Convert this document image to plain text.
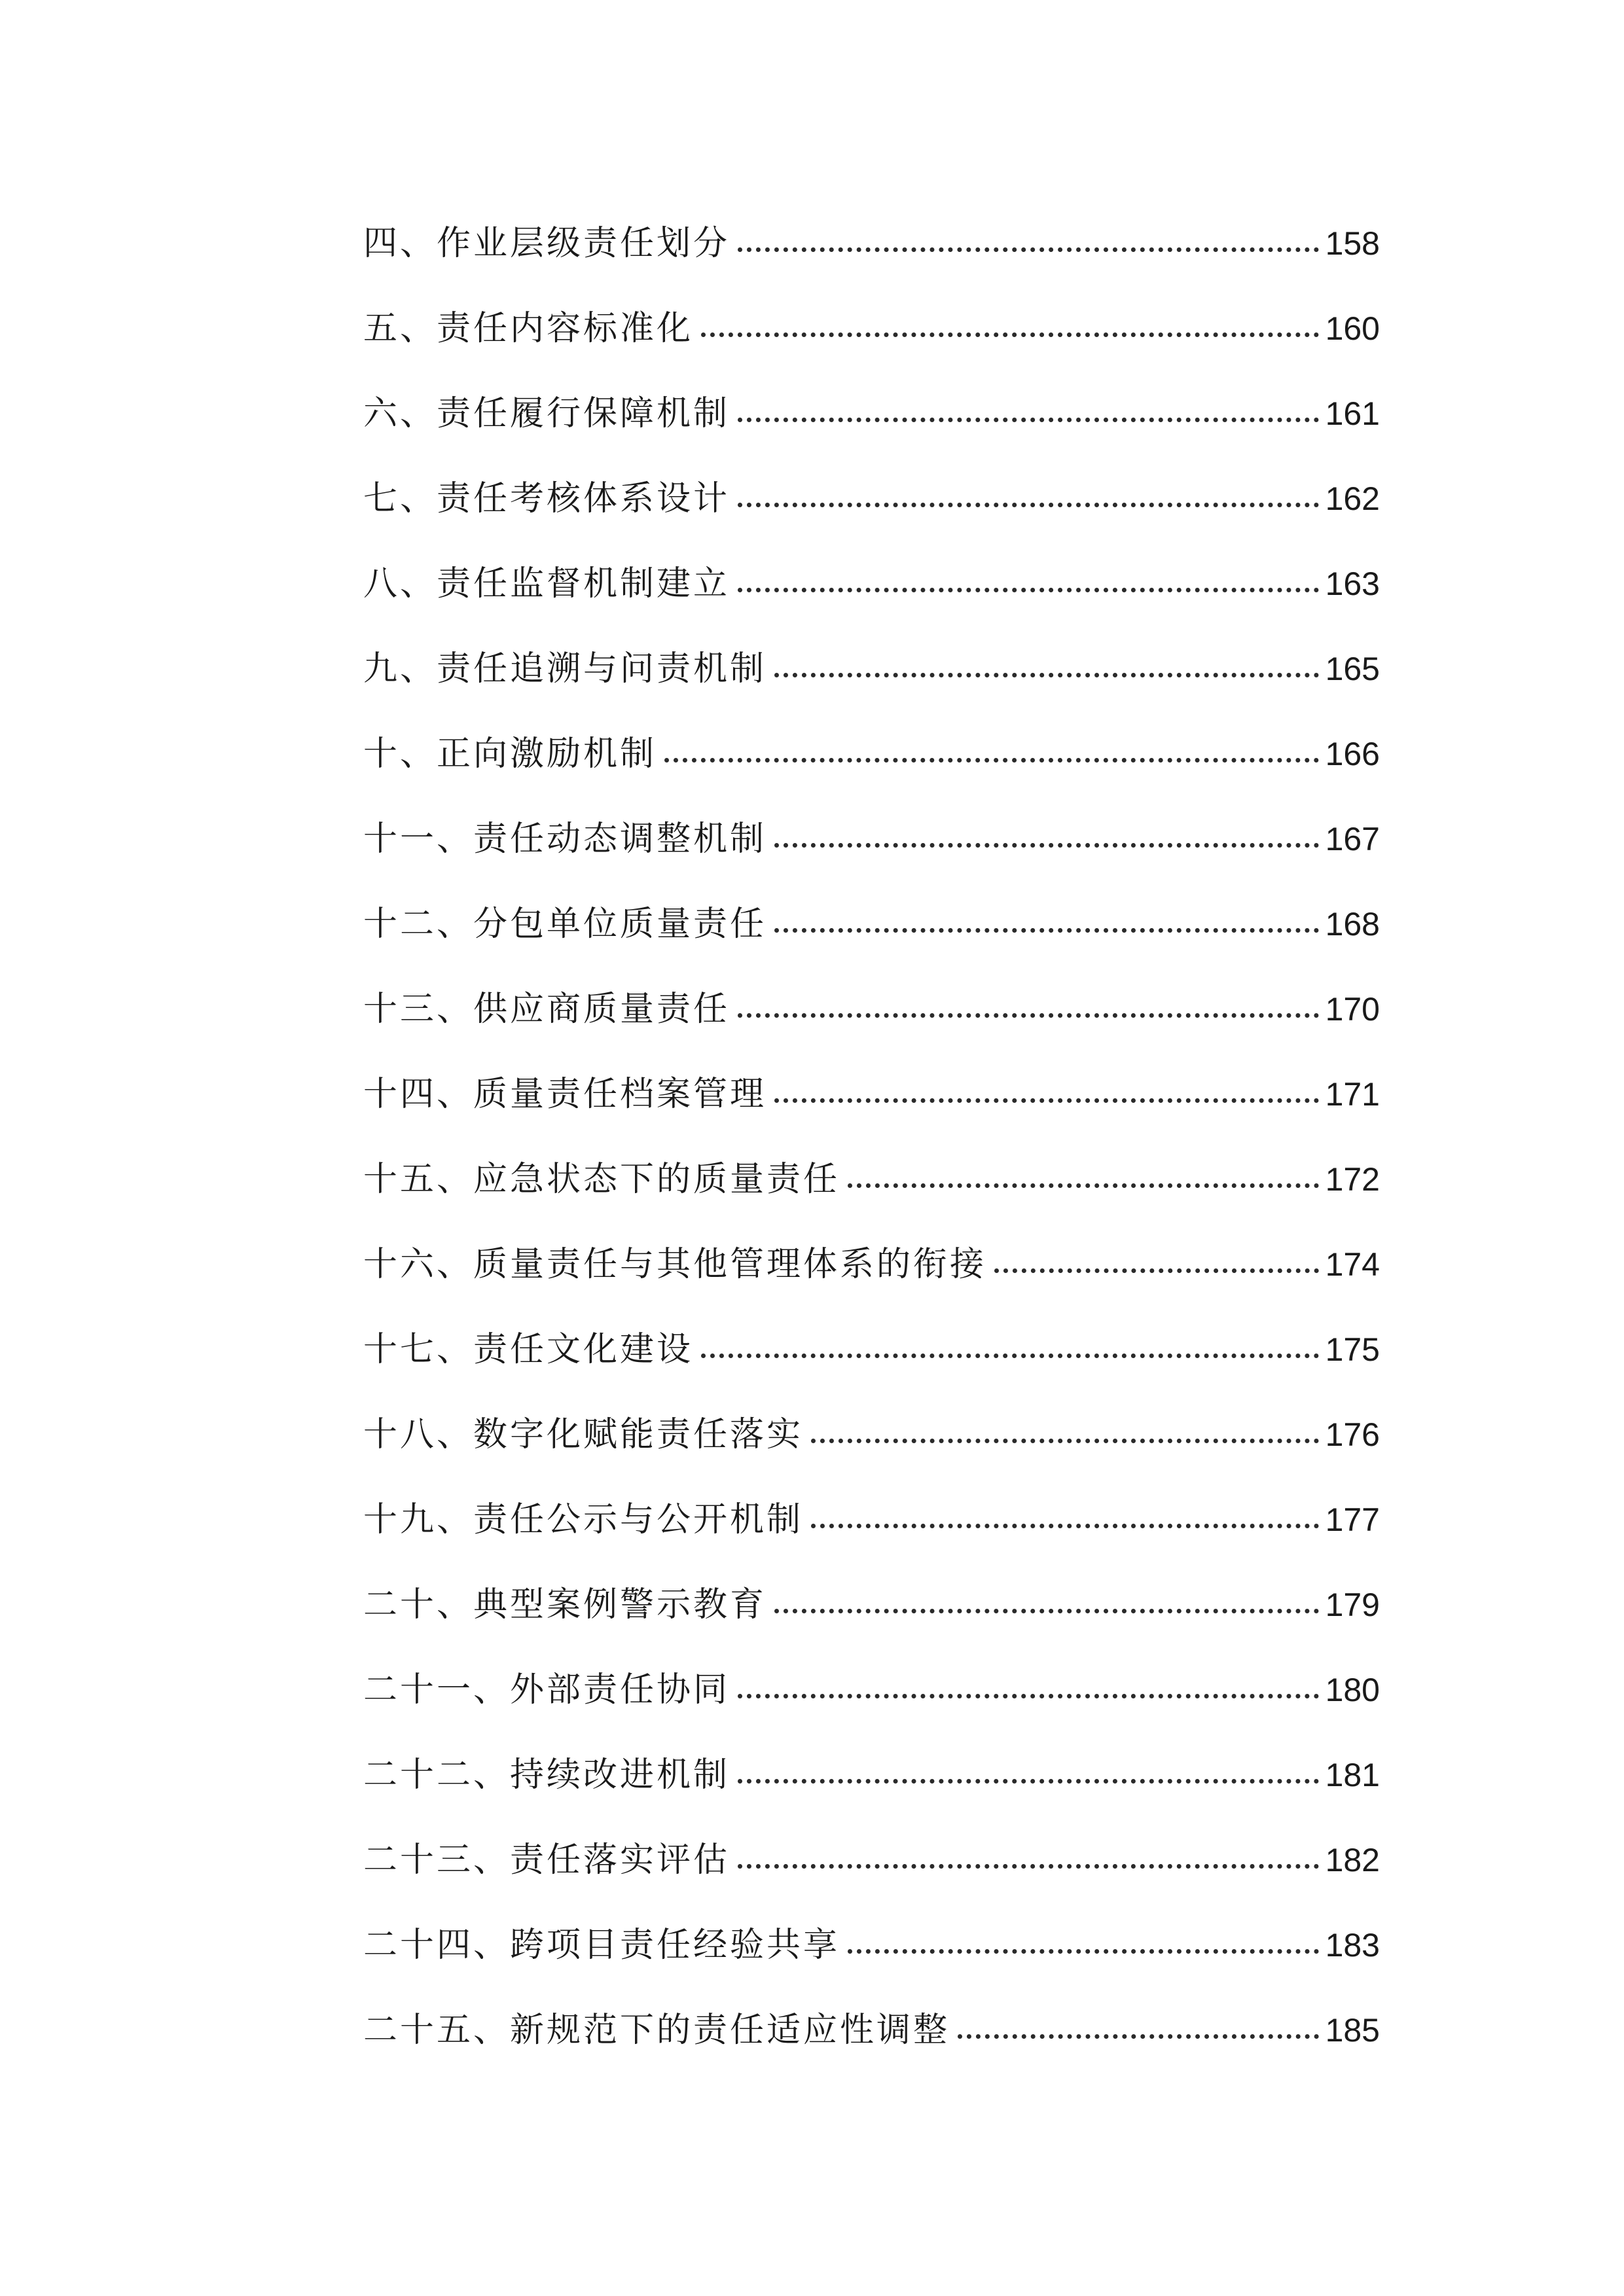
四、作业层级责任划分	158
五、责任内容标准化	160
六、责任履行保障机制	161
七、责任考核体系设计	162
八、责任监督机制建立	163
九、责任追溯与问责机制	165
十、正向激励机制	166
十一、责任动态调整机制	167
十二、分包单位质量责任	168
十三、供应商质量责任	170
十四、质量责任档案管理	171
十五、应急状态下的质量责任	172
十六、质量责任与其他管理体系的衔接	174
十七、责任文化建设	175
十八、数字化赋能责任落实	176
十九、责任公示与公开机制	177
二十、典型案例警示教育	179
二十一、外部责任协同	180
二十二、持续改进机制	181
二十三、责任落实评估	182
二十四、跨项目责任经验共享	183
二十五、新规范下的责任适应性调整	185
